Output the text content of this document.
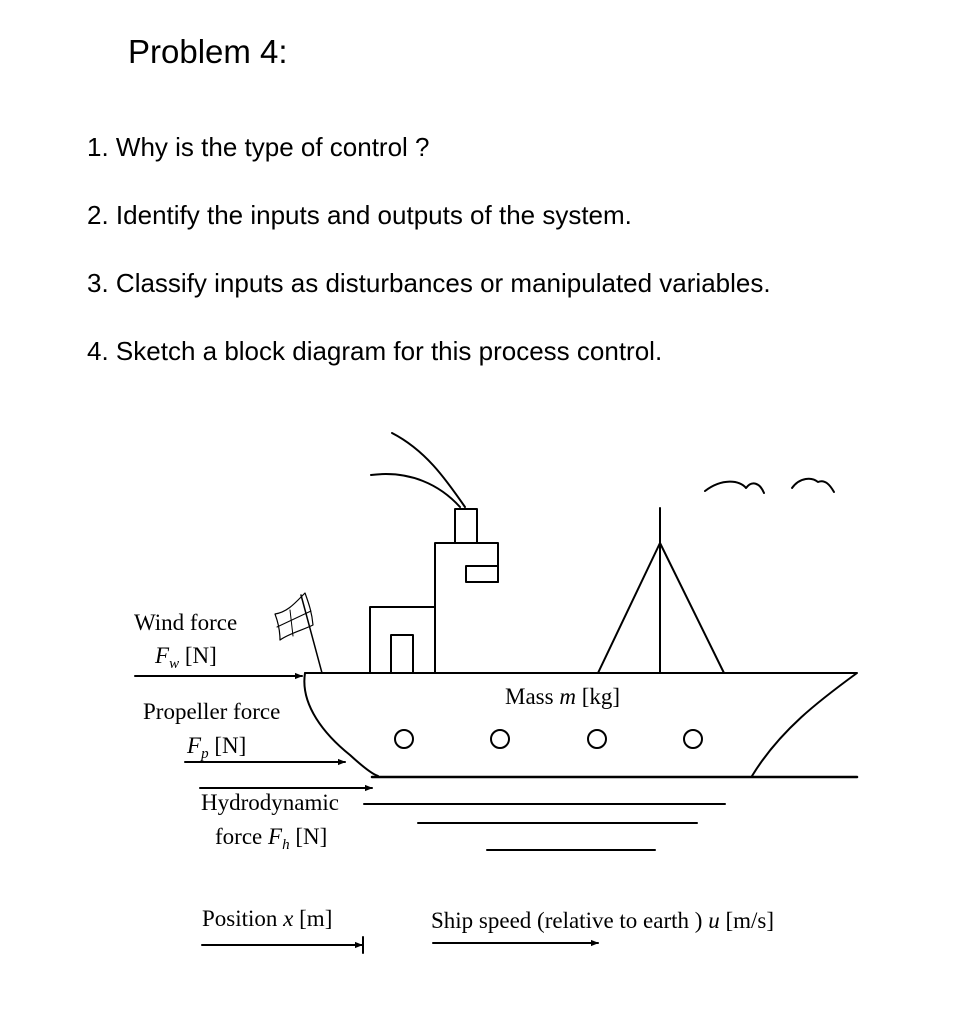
Problem 4:
1. Why is the type of control ?
2. Identify the inputs and outputs of the system.
3. Classify inputs as disturbances or manipulated variables.
4. Sketch a block diagram for this process control.
Wind force
$F_w$ [N]
Propeller force
$F_p$ [N]
Hydrodynamic
force $F_h$ [N]
Mass m [kg]
Position x [m]	Ship speed (relative to earth ) u [m/s]
